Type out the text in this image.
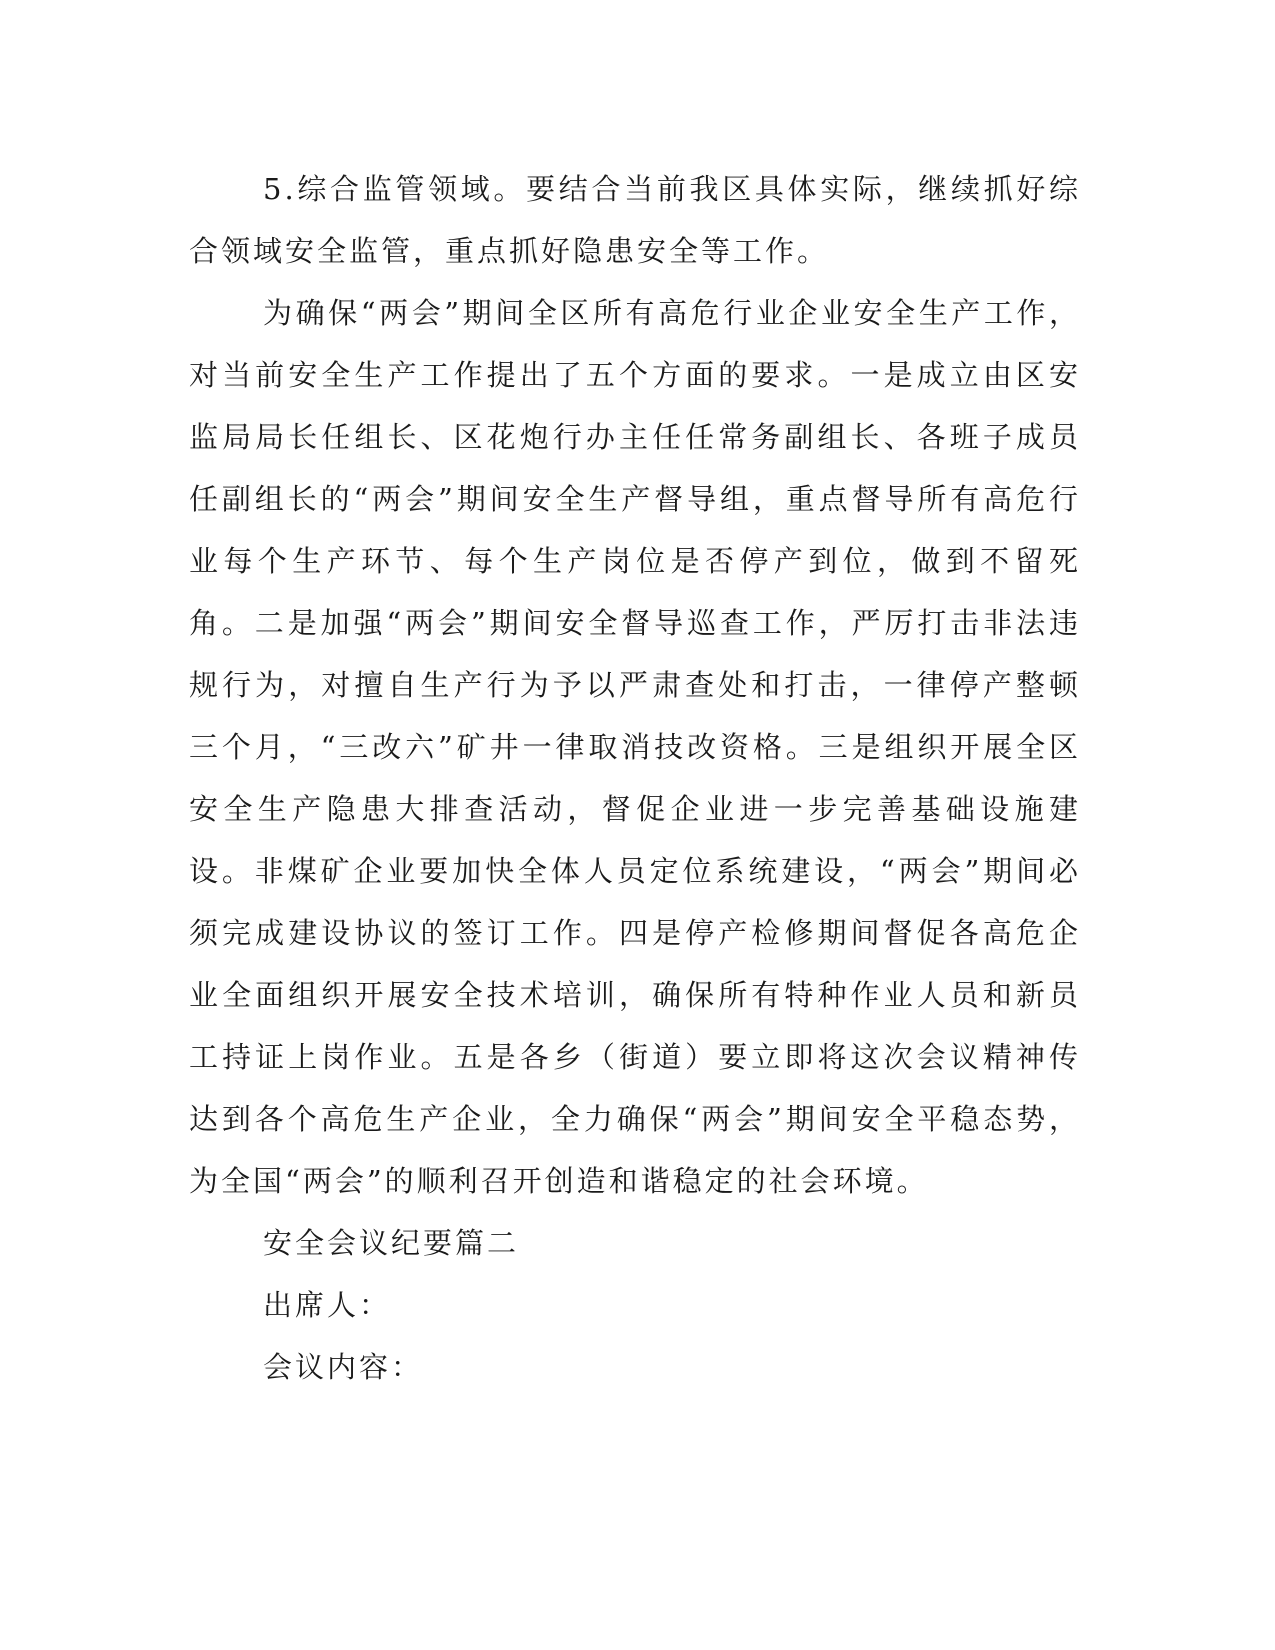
5.综合监管领域。要结合当前我区具体实际，继续抓好综合领域安全监管，重点抓好隐患安全等工作。

为确保“两会”期间全区所有高危行业企业安全生产工作，对当前安全生产工作提出了五个方面的要求。一是成立由区安监局局长任组长、区花炮行办主任任常务副组长、各班子成员任副组长的“两会”期间安全生产督导组，重点督导所有高危行业每个生产环节、每个生产岗位是否停产到位，做到不留死角。二是加强“两会”期间安全督导巡查工作，严厉打击非法违规行为，对擅自生产行为予以严肃查处和打击，一律停产整顿三个月，“三改六”矿井一律取消技改资格。三是组织开展全区安全生产隐患大排查活动，督促企业进一步完善基础设施建设。非煤矿企业要加快全体人员定位系统建设，“两会”期间必须完成建设协议的签订工作。四是停产检修期间督促各高危企业全面组织开展安全技术培训，确保所有特种作业人员和新员工持证上岗作业。五是各乡（街道）要立即将这次会议精神传达到各个高危生产企业，全力确保“两会”期间安全平稳态势，为全国“两会”的顺利召开创造和谐稳定的社会环境。

安全会议纪要篇二

出席人：

会议内容：
